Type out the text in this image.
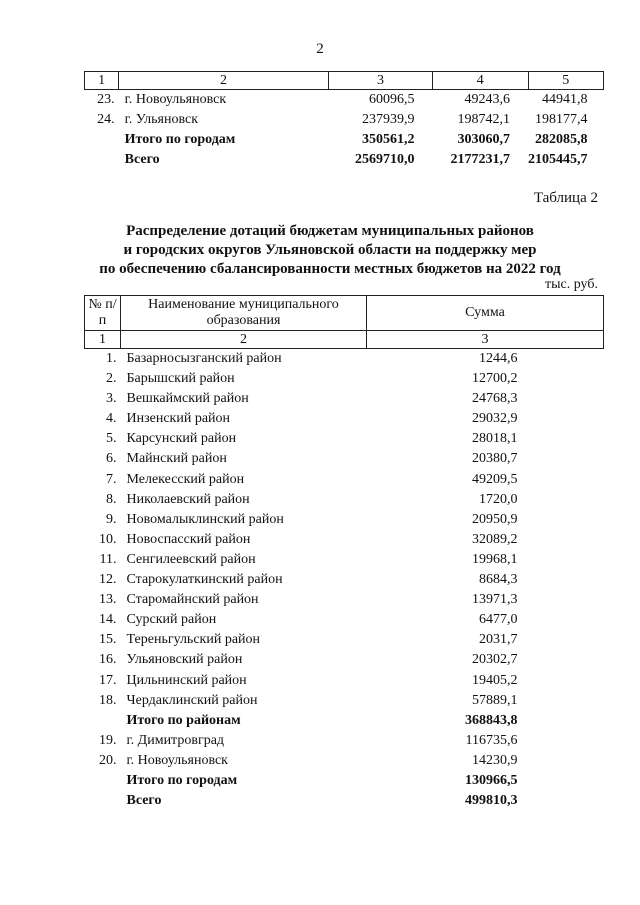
2
1	2	3	4	5
23.	г. Новоульяновск	60096,5	49243,6	44941,8
24.	г. Ульяновск	237939,9	198742,1	198177,4
	Итого по городам	350561,2	303060,7	282085,8
	Всего	2569710,0	2177231,7	2105445,7
Таблица 2
Распределение дотаций бюджетам муниципальных районов
и городских округов Ульяновской области на поддержку мер
по обеспечению сбалансированности местных бюджетов на 2022 год
тыс. руб.
№ п/п	Наименование муниципального образования	Сумма
1	2	3
1.	Базарносызганский район	1244,6
2.	Барышский район	12700,2
3.	Вешкаймский район	24768,3
4.	Инзенский район	29032,9
5.	Карсунский район	28018,1
6.	Майнский район	20380,7
7.	Мелекесский район	49209,5
8.	Николаевский район	1720,0
9.	Новомалыклинский район	20950,9
10.	Новоспасский район	32089,2
11.	Сенгилеевский район	19968,1
12.	Старокулаткинский район	8684,3
13.	Старомайнский район	13971,3
14.	Сурский район	6477,0
15.	Тереньгульский район	2031,7
16.	Ульяновский район	20302,7
17.	Цильнинский район	19405,2
18.	Чердаклинский район	57889,1
	Итого по районам	368843,8
19.	г. Димитровград	116735,6
20.	г. Новоульяновск	14230,9
	Итого по городам	130966,5
	Всего	499810,3
